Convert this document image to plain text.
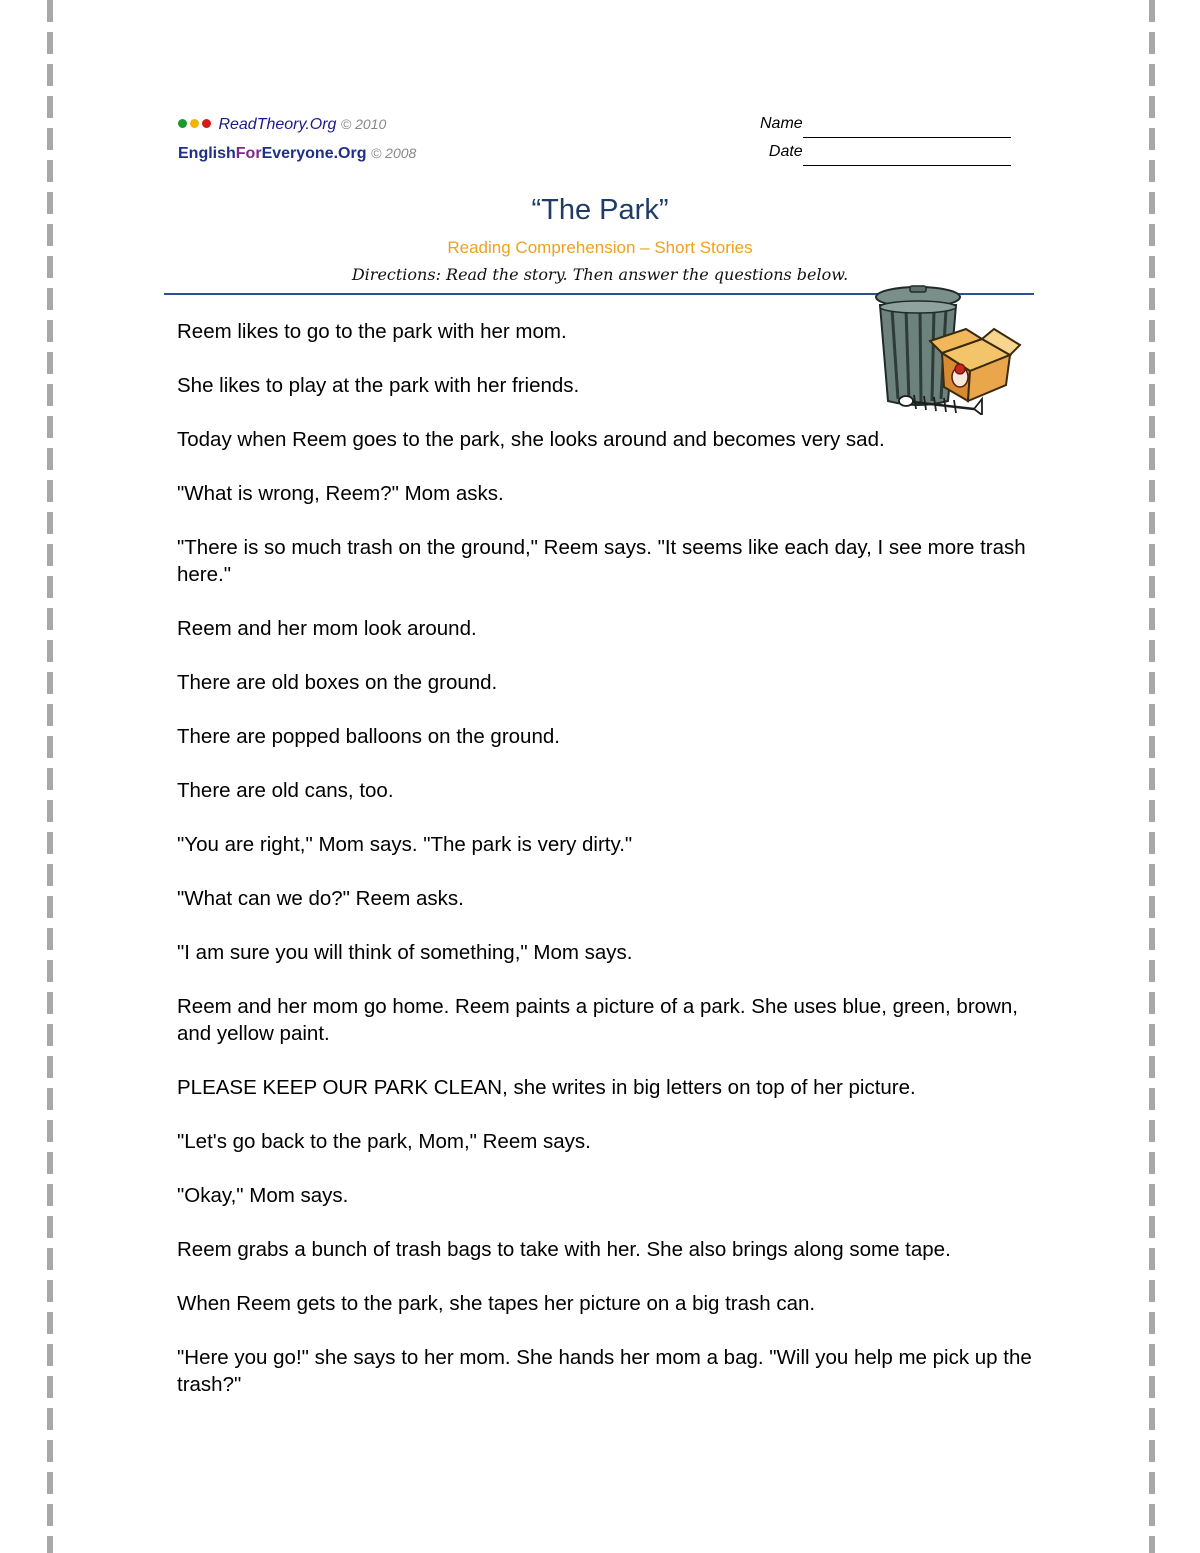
ReadTheory.Org © 2010
EnglishForEveryone.Org © 2008
Name
Date
“The Park”
Reading Comprehension – Short Stories
Directions: Read the story. Then answer the questions below.

Reem likes to go to the park with her mom.

She likes to play at the park with her friends.

Today when Reem goes to the park, she looks around and becomes very sad.

"What is wrong, Reem?" Mom asks.

"There is so much trash on the ground," Reem says. "It seems like each day, I see more trash here."

Reem and her mom look around.

There are old boxes on the ground.

There are popped balloons on the ground.

There are old cans, too.

"You are right," Mom says. "The park is very dirty."

"What can we do?" Reem asks.

"I am sure you will think of something," Mom says.

Reem and her mom go home. Reem paints a picture of a park. She uses blue, green, brown, and yellow paint.

PLEASE KEEP OUR PARK CLEAN, she writes in big letters on top of her picture.

"Let's go back to the park, Mom," Reem says.

"Okay," Mom says.

Reem grabs a bunch of trash bags to take with her. She also brings along some tape.

When Reem gets to the park, she tapes her picture on a big trash can.

"Here you go!" she says to her mom. She hands her mom a bag. "Will you help me pick up the trash?"
